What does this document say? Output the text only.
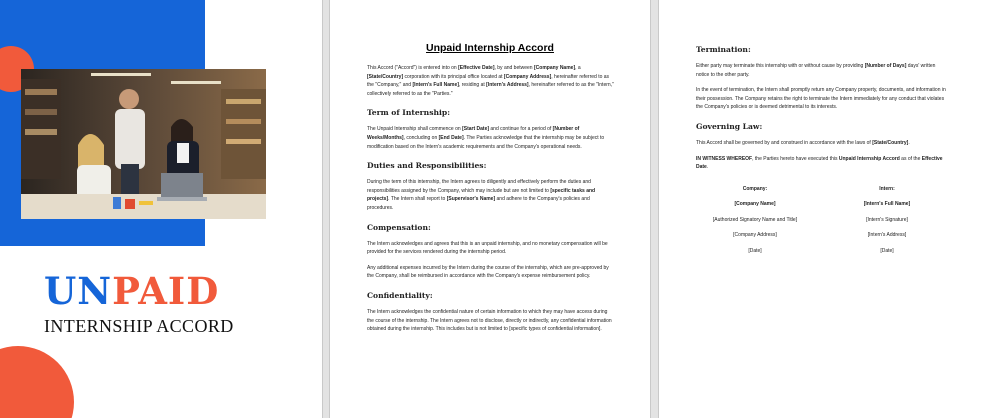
UNPAID
INTERNSHIP ACCORD
Unpaid Internship Accord

This Accord ("Accord") is entered into on [Effective Date], by and between [Company Name], a [State/Country] corporation with its principal office located at [Company Address], hereinafter referred to as the "Company," and [Intern's Full Name], residing at [Intern's Address], hereinafter referred to as the "Intern," collectively referred to as the "Parties."

Term of Internship:

The Unpaid Internship shall commence on [Start Date] and continue for a period of [Number of Weeks/Months], concluding on [End Date]. The Parties acknowledge that the internship may be subject to modification based on the Intern's academic requirements and the Company's operational needs.

Duties and Responsibilities:

During the term of this internship, the Intern agrees to diligently and effectively perform the duties and responsibilities assigned by the Company, which may include but are not limited to [specific tasks and projects]. The Intern shall report to [Supervisor's Name] and adhere to the Company's policies and procedures.

Compensation:

The Intern acknowledges and agrees that this is an unpaid internship, and no monetary compensation will be provided for the services rendered during the internship period.

Any additional expenses incurred by the Intern during the course of the internship, which are pre-approved by the Company, shall be reimbursed in accordance with the Company's expense reimbursement policy.

Confidentiality:

The Intern acknowledges the confidential nature of certain information to which they may have access during the course of the internship. The Intern agrees not to disclose, directly or indirectly, any confidential information obtained during the internship. This includes but is not limited to [specific types of confidential information].

Termination:

Either party may terminate this internship with or without cause by providing [Number of Days] days' written notice to the other party.

In the event of termination, the Intern shall promptly return any Company property, documents, and information in their possession. The Company retains the right to terminate the Intern immediately for any conduct that violates the Company's policies or is deemed detrimental to its interests.

Governing Law:

This Accord shall be governed by and construed in accordance with the laws of [State/Country].

IN WITNESS WHEREOF, the Parties hereto have executed this Unpaid Internship Accord as of the Effective Date.

Company:
[Company Name]
[Authorized Signatory Name and Title]
[Company Address]
[Date]
Intern:
[Intern's Full Name]
[Intern's Signature]
[Intern's Address]
[Date]
